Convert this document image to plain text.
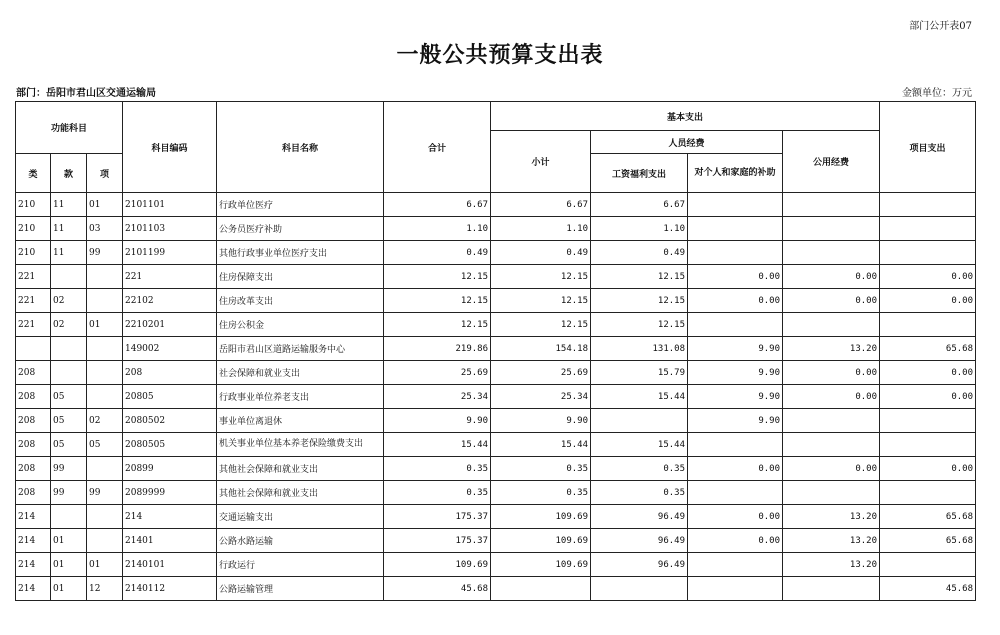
部门公开表07
一般公共预算支出表
部门：岳阳市君山区交通运输局	金额单位：万元
功能科目			科目编码	科目名称	合计	基本支出				项目支出
						小计	人员经费		公用经费	
类	款	项					工资福利支出	对个人和家庭的补助		
210	11	01	2101101	行政单位医疗	6.67	6.67	6.67			
210	11	03	2101103	公务员医疗补助	1.10	1.10	1.10			
210	11	99	2101199	其他行政事业单位医疗支出	0.49	0.49	0.49			
221			221	住房保障支出	12.15	12.15	12.15	0.00	0.00	0.00
221	02		22102	住房改革支出	12.15	12.15	12.15	0.00	0.00	0.00
221	02	01	2210201	住房公积金	12.15	12.15	12.15			
			149002	岳阳市君山区道路运输服务中心	219.86	154.18	131.08	9.90	13.20	65.68
208			208	社会保障和就业支出	25.69	25.69	15.79	9.90	0.00	0.00
208	05		20805	行政事业单位养老支出	25.34	25.34	15.44	9.90	0.00	0.00
208	05	02	2080502	事业单位离退休	9.90	9.90		9.90		
208	05	05	2080505	机关事业单位基本养老保险缴费支出	15.44	15.44	15.44			
208	99		20899	其他社会保障和就业支出	0.35	0.35	0.35	0.00	0.00	0.00
208	99	99	2089999	其他社会保障和就业支出	0.35	0.35	0.35			
214			214	交通运输支出	175.37	109.69	96.49	0.00	13.20	65.68
214	01		21401	公路水路运输	175.37	109.69	96.49	0.00	13.20	65.68
214	01	01	2140101	行政运行	109.69	109.69	96.49		13.20	
214	01	12	2140112	公路运输管理	45.68					45.68
